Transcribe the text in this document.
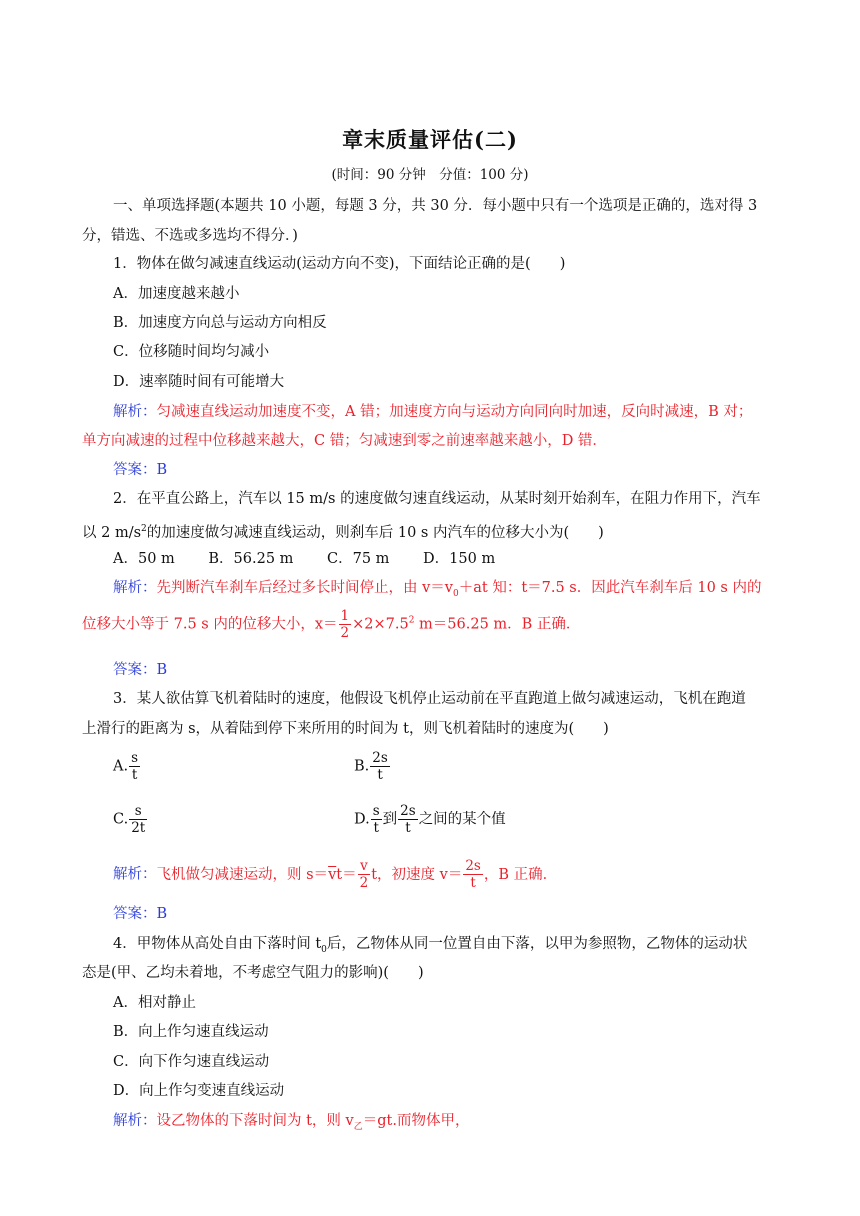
章末质量评估(二)
(时间：90 分钟　分值：100 分)
一、单项选择题(本题共 10 小题，每题 3 分，共 30 分．每小题中只有一个选项是正确的，选对得 3
分，错选、不选或多选均不得分．)
1．物体在做匀减速直线运动(运动方向不变)，下面结论正确的是(　　)
A．加速度越来越小
B．加速度方向总与运动方向相反
C．位移随时间均匀减小
D．速率随时间有可能增大
解析：匀减速直线运动加速度不变，A 错；加速度方向与运动方向同向时加速，反向时减速，B 对；
单方向减速的过程中位移越来越大，C 错；匀减速到零之前速率越来越小，D 错．
答案：B
2．在平直公路上，汽车以 15 m/s 的速度做匀速直线运动，从某时刻开始刹车，在阻力作用下，汽车
以 2 $m/s^2$的加速度做匀减速直线运动，则刹车后 10 s 内汽车的位移大小为(　　)
A．50 m　　 B．56.25 m　　 C．75 m　　 D．150 m
解析：先判断汽车刹车后经过多长时间停止，由 $v=v_0+at$ 知：t＝7.5 s．因此汽车刹车后 10 s 内的
位移大小等于 7.5 s 内的位移大小，$x= \frac{1}{2} \times 2\times 7.5^2$ m＝56.25 m．B 正确．
答案：B
3．某人欲估算飞机着陆时的速度，他假设飞机停止运动前在平直跑道上做匀减速运动，飞机在跑道
上滑行的距离为 s，从着陆到停下来所用的时间为 t，则飞机着陆时的速度为(　　)
A. $\frac{s}{t}$	B. $\frac{2s}{t}$
C. $\frac{s}{2t}$	D. $\frac{s}{t}$ 到 $\frac{2s}{t}$ 之间的某个值
解析：飞机做匀减速运动，则 $s=\overline{v}t= \frac{v}{2}$ t，初速度 $v= \frac{2s}{t}$ ，B 正确．
答案：B
4．甲物体从高处自由下落时间 $t_0$后，乙物体从同一位置自由下落，以甲为参照物，乙物体的运动状
态是(甲、乙均未着地，不考虑空气阻力的影响)(　　)
A．相对静止
B．向上作匀速直线运动
C．向下作匀速直线运动
D．向上作匀变速直线运动
解析：设乙物体的下落时间为 t，则 $v_乙=gt$.而物体甲，
